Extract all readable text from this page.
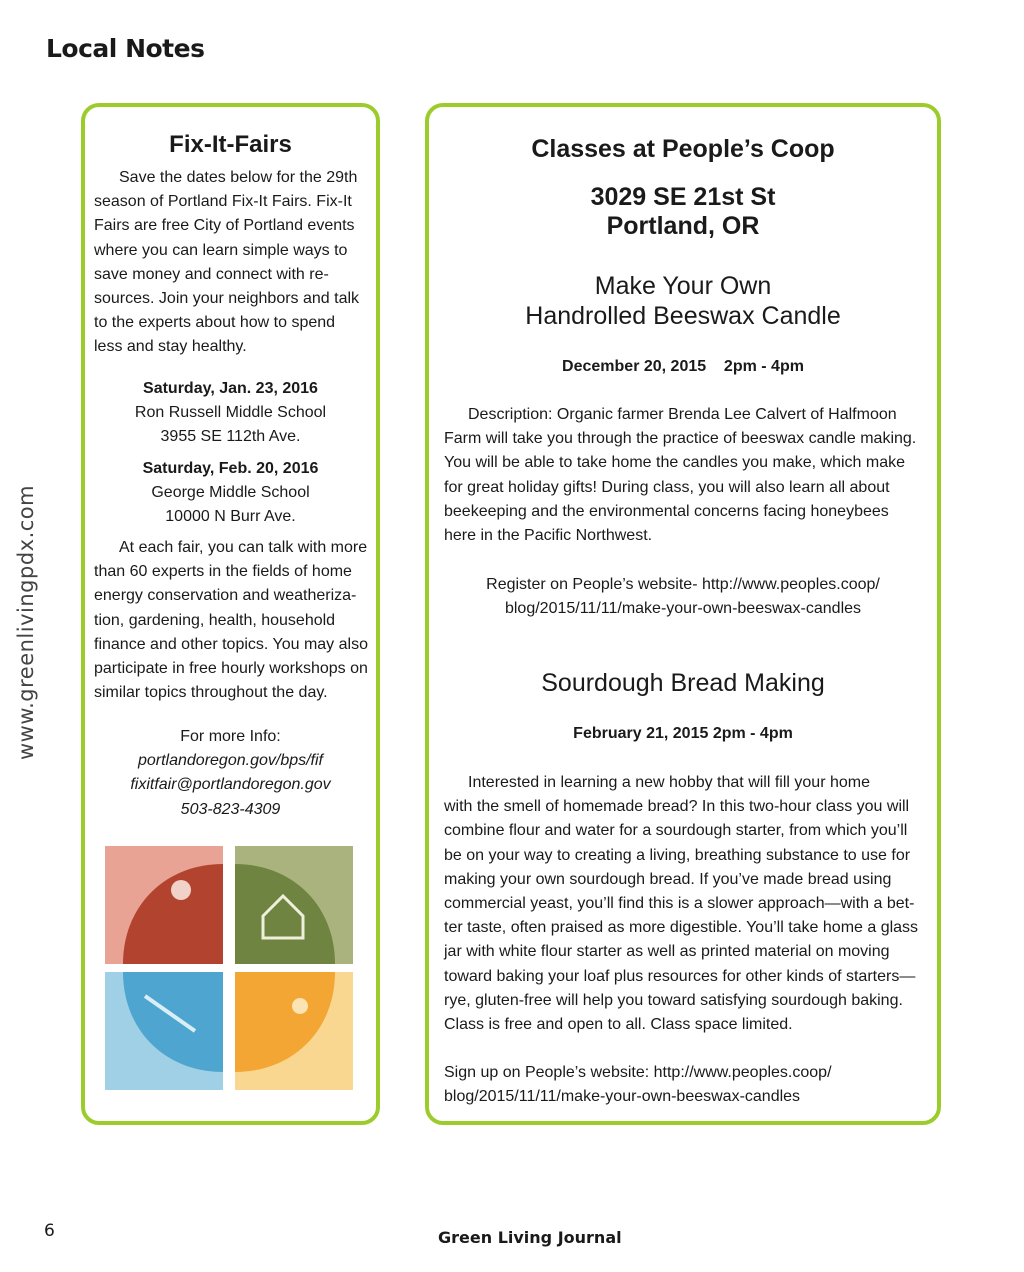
Local Notes
www.greenlivingpdx.com
Fix-It-Fairs
Save the dates below for the 29th
season of Portland Fix-It Fairs. Fix-It
Fairs are free City of Portland events
where you can learn simple ways to
save money and connect with re-
sources. Join your neighbors and talk
to the experts about how to spend
less and stay healthy.
Saturday, Jan. 23, 2016
Ron Russell Middle School
3955 SE 112th Ave.
Saturday, Feb. 20, 2016
George Middle School
10000 N Burr Ave.
At each fair, you can talk with more
than 60 experts in the fields of home
energy conservation and weatheriza-
tion, gardening, health, household
finance and other topics. You may also
participate in free hourly workshops on
similar topics throughout the day.
For more Info:
portlandoregon.gov/bps/fif
fixitfair@portlandoregon.gov
503-823-4309
Classes at People’s Coop
3029 SE 21st St
Portland, OR
Make Your Own
Handrolled Beeswax Candle
December 20, 2015    2pm - 4pm
Description: Organic farmer Brenda Lee Calvert of Halfmoon
Farm will take you through the practice of beeswax candle making.
You will be able to take home the candles you make, which make
for great holiday gifts! During class, you will also learn all about
beekeeping and the environmental concerns facing honeybees
here in the Pacific Northwest.
Register on People’s website- http://www.peoples.coop/
blog/2015/11/11/make-your-own-beeswax-candles
Sourdough Bread Making
February 21, 2015 2pm - 4pm
Interested in learning a new hobby that will fill your home
with the smell of homemade bread? In this two-hour class you will
combine flour and water for a sourdough starter, from which you’ll
be on your way to creating a living, breathing substance to use for
making your own sourdough bread. If you’ve made bread using
commercial yeast, you’ll find this is a slower approach—with a bet-
ter taste, often praised as more digestible. You’ll take home a glass
jar with white flour starter as well as printed material on moving
toward baking your loaf plus resources for other kinds of starters—
rye, gluten-free will help you toward satisfying sourdough baking.
Class is free and open to all. Class space limited.
Sign up on People’s website: http://www.peoples.coop/
blog/2015/11/11/make-your-own-beeswax-candles
6	Green Living Journal
